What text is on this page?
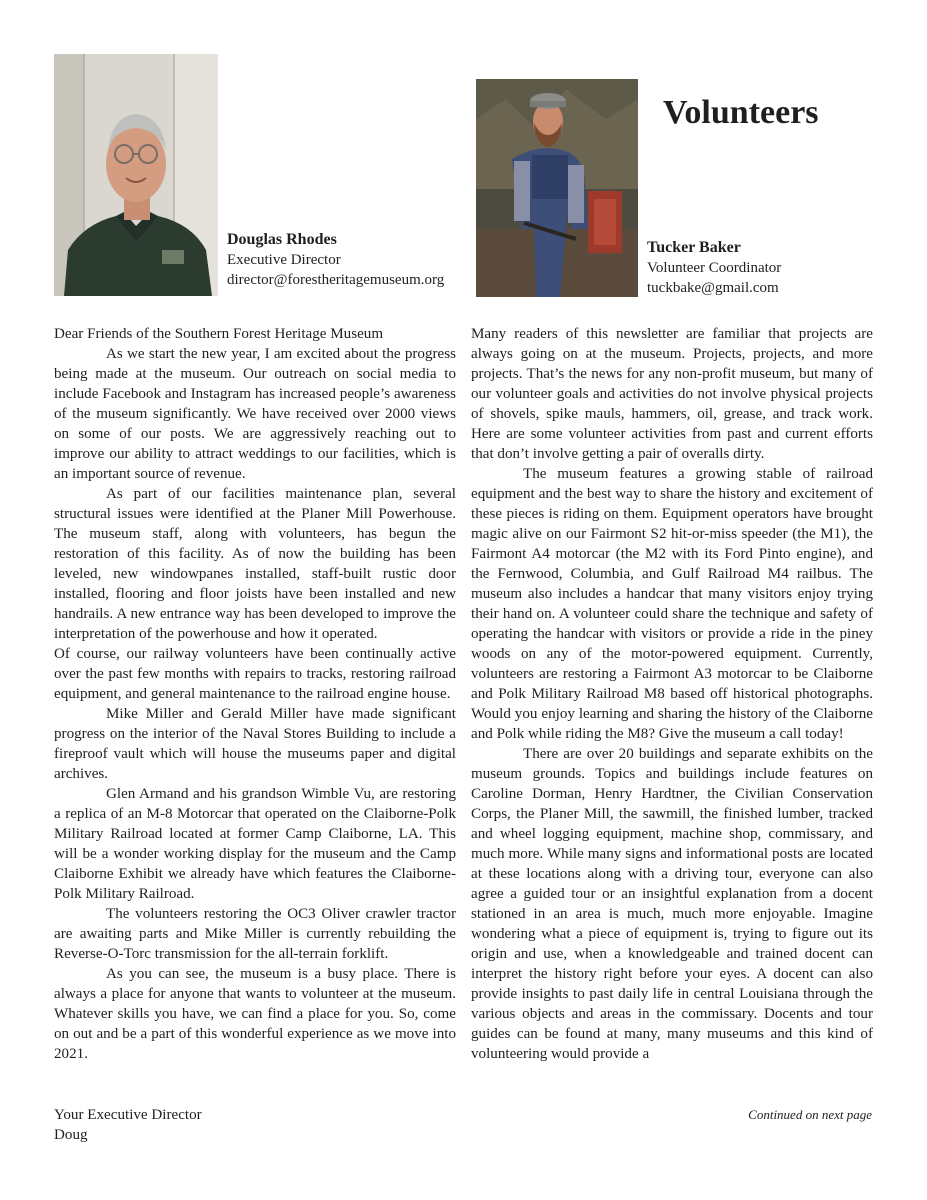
Douglas Rhodes
Executive Director
director@forestheritagemuseum.org
Volunteers
Tucker Baker
Volunteer Coordinator
tuckbake@gmail.com

Dear Friends of the Southern Forest Heritage Museum

As we start the new year, I am excited about the progress being made at the museum. Our outreach on social media to include Facebook and Instagram has increased people’s awareness of the museum significantly. We have received over 2000 views on some of our posts. We are aggressively reaching out to improve our ability to attract weddings to our facilities, which is an important source of revenue.

As part of our facilities maintenance plan, several structural issues were identified at the Planer Mill Powerhouse. The museum staff, along with volunteers, has begun the restoration of this facility. As of now the building has been leveled, new windowpanes installed, staff-built rustic door installed, flooring and floor joists have been installed and new handrails. A new entrance way has been developed to improve the interpretation of the powerhouse and how it operated.

Of course, our railway volunteers have been continually active over the past few months with repairs to tracks, restoring railroad equipment, and general maintenance to the railroad engine house.

Mike Miller and Gerald Miller have made significant progress on the interior of the Naval Stores Building to include a fireproof vault which will house the museums paper and digital archives.

Glen Armand and his grandson Wimble Vu, are restoring a replica of an M-8 Motorcar that operated on the Claiborne-Polk Military Railroad located at former Camp Claiborne, LA. This will be a wonder working display for the museum and the Camp Claiborne Exhibit we already have which features the Claiborne-Polk Military Railroad.

The volunteers restoring the OC3 Oliver crawler tractor are awaiting parts and Mike Miller is currently rebuilding the Reverse-O-Torc transmission for the all-terrain forklift.

As you can see, the museum is a busy place. There is always a place for anyone that wants to volunteer at the museum. Whatever skills you have, we can find a place for you. So, come on out and be a part of this wonderful experience as we move into 2021.

Many readers of this newsletter are familiar that projects are always going on at the museum. Projects, projects, and more projects. That’s the news for any non-profit museum, but many of our volunteer goals and activities do not involve physical projects of shovels, spike mauls, hammers, oil, grease, and track work. Here are some volunteer activities from past and current efforts that don’t involve getting a pair of overalls dirty.

The museum features a growing stable of railroad equipment and the best way to share the history and excitement of these pieces is riding on them. Equipment operators have brought magic alive on our Fairmont S2 hit-or-miss speeder (the M1), the Fairmont A4 motorcar (the M2 with its Ford Pinto engine), and the Fernwood, Columbia, and Gulf Railroad M4 railbus. The museum also includes a handcar that many visitors enjoy trying their hand on. A volunteer could share the technique and safety of operating the handcar with visitors or provide a ride in the piney woods on any of the motor-powered equipment. Currently, volunteers are restoring a Fairmont A3 motorcar to be Claiborne and Polk Military Railroad M8 based off historical photographs. Would you enjoy learning and sharing the history of the Claiborne and Polk while riding the M8? Give the museum a call today!

There are over 20 buildings and separate exhibits on the museum grounds. Topics and buildings include features on Caroline Dorman, Henry Hardtner, the Civilian Conservation Corps, the Planer Mill, the sawmill, the finished lumber, tracked and wheel logging equipment, machine shop, commissary, and much more. While many signs and informational posts are located at these locations along with a driving tour, everyone can also agree a guided tour or an insightful explanation from a docent stationed in an area is much, much more enjoyable. Imagine wondering what a piece of equipment is, trying to figure out its origin and use, when a knowledgeable and trained docent can interpret the history right before your eyes. A docent can also provide insights to past daily life in central Louisiana through the various objects and areas in the commissary. Docents and tour guides can be found at many, many museums and this kind of volunteering would provide a

Your Executive Director
Doug
Continued on next page
